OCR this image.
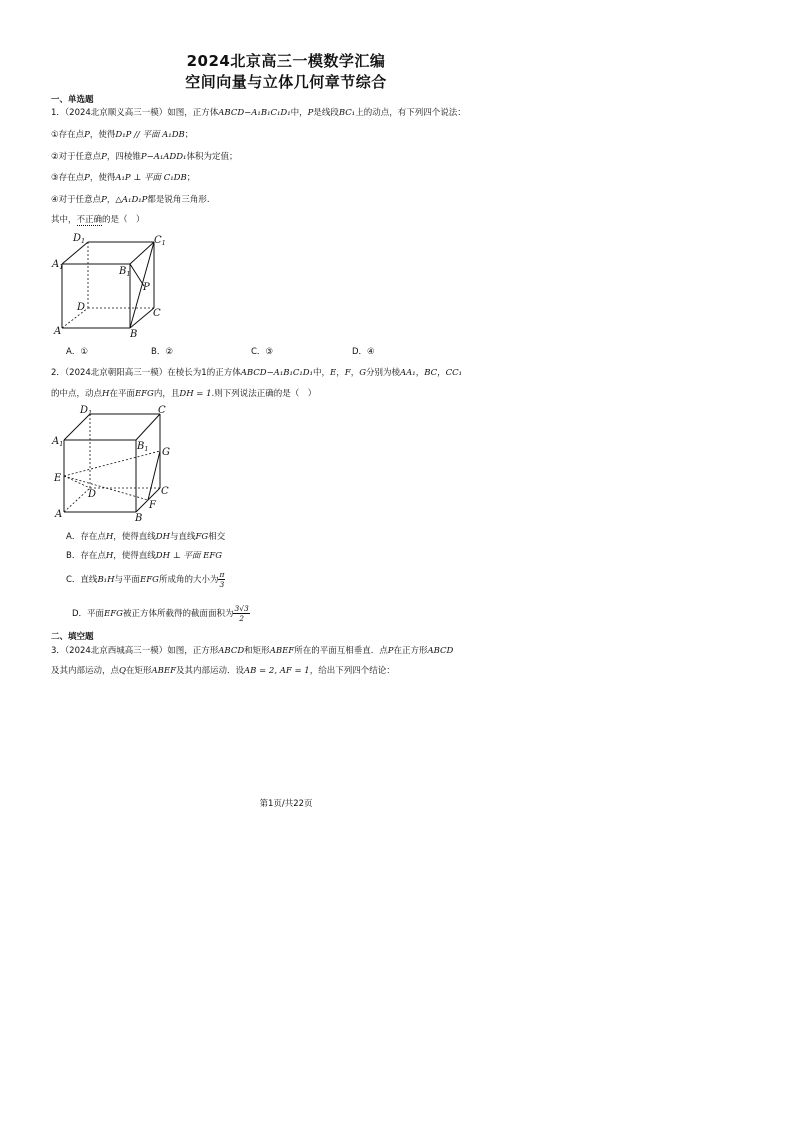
2024北京高三一模数学汇编
空间向量与立体几何章节综合
一、单选题
1．（2024北京顺义高三一模）如图，正方体ABCD−A₁B₁C₁D₁中，P是线段BC₁上的动点，有下列四个说法：
①存在点P，使得D₁P // 平面 A₁DB；
②对于任意点P，四棱锥P−A₁ADD₁体积为定值；
③存在点P，使得A₁P ⊥ 平面 C₁DB；
④对于任意点P，△A₁D₁P都是锐角三角形.
其中，不正确的是（　）
$D_1$	$C_1$
$A_1$	$B_1$
P
D
C
A	B
A．①	B．②	C．③	D．④
2．（2024北京朝阳高三一模）在棱长为1的正方体ABCD−A₁B₁C₁D₁中，E，F，G分别为棱AA₁，BC，CC₁
的中点，动点H在平面EFG内，且DH = 1.则下列说法正确的是（　）
$D_1$	C
$A_1$	$B_1$ G
E
D	C
F
A	B
A．存在点H，使得直线DH与直线FG相交
B．存在点H，使得直线DH ⊥ 平面 EFG
C．直线B₁H与平面EFG所成角的大小为 $\frac{\pi}{3}$
D．平面EFG被正方体所截得的截面面积为 $\frac{3√3}{2}$
二、填空题
3．（2024北京西城高三一模）如图，正方形ABCD和矩形ABEF所在的平面互相垂直．点P在正方形ABCD
及其内部运动，点Q在矩形ABEF及其内部运动．设AB = 2, AF = 1，给出下列四个结论：
第1页/共22页
